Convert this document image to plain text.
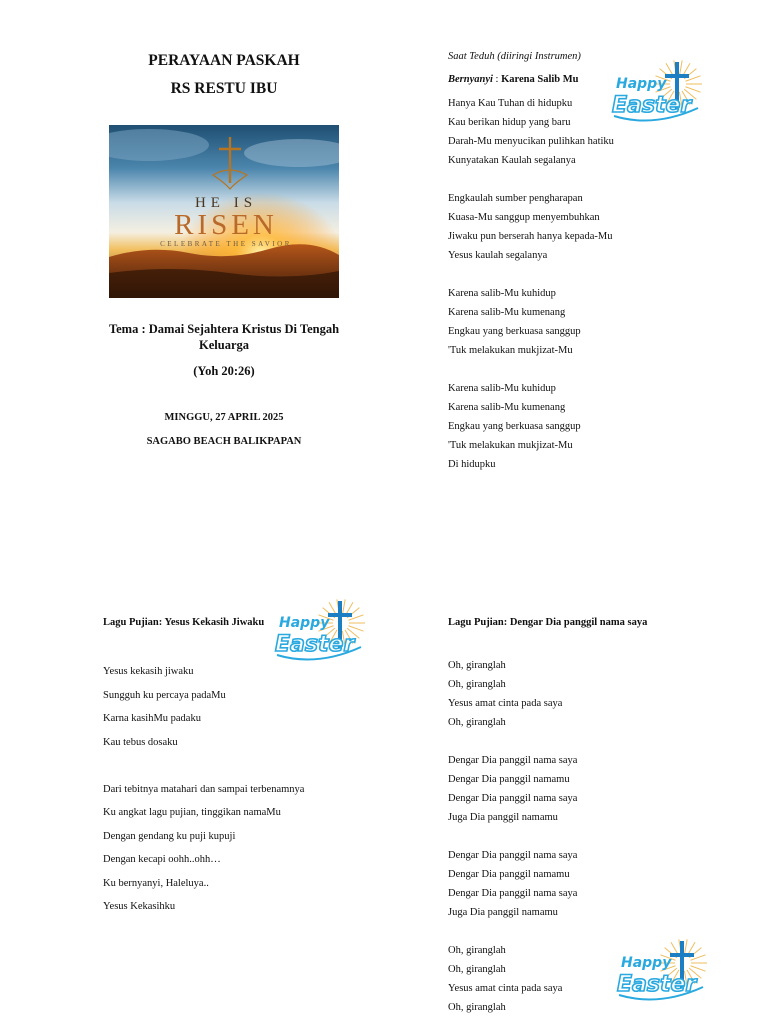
PERAYAAN PASKAH
RS RESTU IBU
HE IS
RISEN
CELEBRATE THE SAVIOR
Tema : Damai Sejahtera Kristus Di Tengah Keluarga
(Yoh 20:26)
MINGGU, 27 APRIL 2025
SAGABO BEACH BALIKPAPAN
Saat Teduh (diiringi Instrumen)
Bernyanyi : Karena Salib Mu
Hanya Kau Tuhan di hidupku
Kau berikan hidup yang baru
Darah-Mu menyucikan pulihkan hatiku
Kunyatakan Kaulah segalanya
Engkaulah sumber pengharapan
Kuasa-Mu sanggup menyembuhkan
Jiwaku pun berserah hanya kepada-Mu
Yesus kaulah segalanya
Karena salib-Mu kuhidup
Karena salib-Mu kumenang
Engkau yang berkuasa sanggup
'Tuk melakukan mukjizat-Mu
Karena salib-Mu kuhidup
Karena salib-Mu kumenang
Engkau yang berkuasa sanggup
'Tuk melakukan mukjizat-Mu
Di hidupku
Lagu Pujian: Yesus Kekasih Jiwaku
Yesus kekasih jiwaku
Sungguh ku percaya padaMu
Karna kasihMu padaku
Kau tebus dosaku
Dari tebitnya matahari dan sampai terbenamnya
Ku angkat lagu pujian, tinggikan namaMu
Dengan gendang ku puji kupuji
Dengan kecapi oohh..ohh…
Ku bernyanyi, Haleluya..
Yesus Kekasihku
Lagu Pujian: Dengar Dia panggil nama saya
Oh, giranglah
Oh, giranglah
Yesus amat cinta pada saya
Oh, giranglah
Dengar Dia panggil nama saya
Dengar Dia panggil namamu
Dengar Dia panggil nama saya
Juga Dia panggil namamu
Dengar Dia panggil nama saya
Dengar Dia panggil namamu
Dengar Dia panggil nama saya
Juga Dia panggil namamu
Oh, giranglah
Oh, giranglah
Yesus amat cinta pada saya
Oh, giranglah
Happy
Easter
Happy
Easter
Happy
Easter
